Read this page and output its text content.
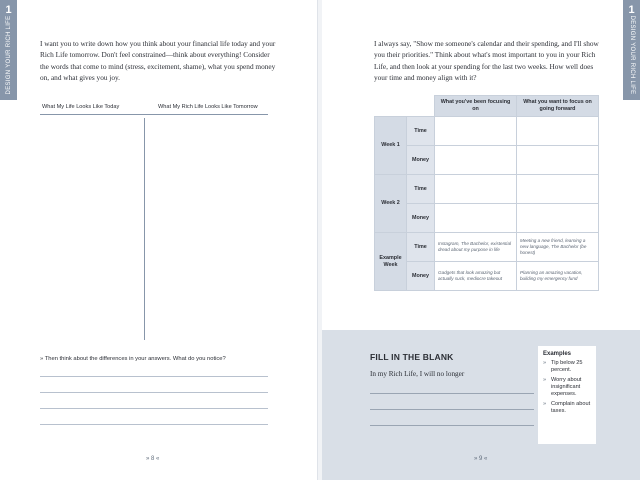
1
DESIGN YOUR RICH LIFE	I want you to write down how you think about your financial life today and your Rich Life tomorrow. Don't feel constrained—think about everything! Consider the words that come to mind (stress, excitement, shame), what you spend money on, and what gives you joy.

What My Life Looks Like Today	What My Rich Life Looks Like Tomorrow

» Then think about the differences in your answers. What do you notice?

» 8 «
1
DESIGN YOUR RICH LIFE

I always say, "Show me someone's calendar and their spending, and I'll show you their priorities." Think about what's most important to you in your Rich Life, and then look at your spending for the last two weeks. How well does your time and money align with it?

		What you've been focusing on	What you want to focus on going forward
Week 1	Time		
	Money		
Week 2	Time		
	Money		
Example Week	Time	Instagram, The Bachelor, existential dread about my purpose in life	Meeting a new friend, learning a new language, The Bachelor (be honest)
	Money	Gadgets that look amazing but actually suck, mediocre takeout	Planning an amazing vacation, building my emergency fund
FILL IN THE BLANK
In my Rich Life, I will no longer
Examples
» Tip below 25 percent.
» Worry about insignificant expenses.
» Complain about taxes.
» 9 «
